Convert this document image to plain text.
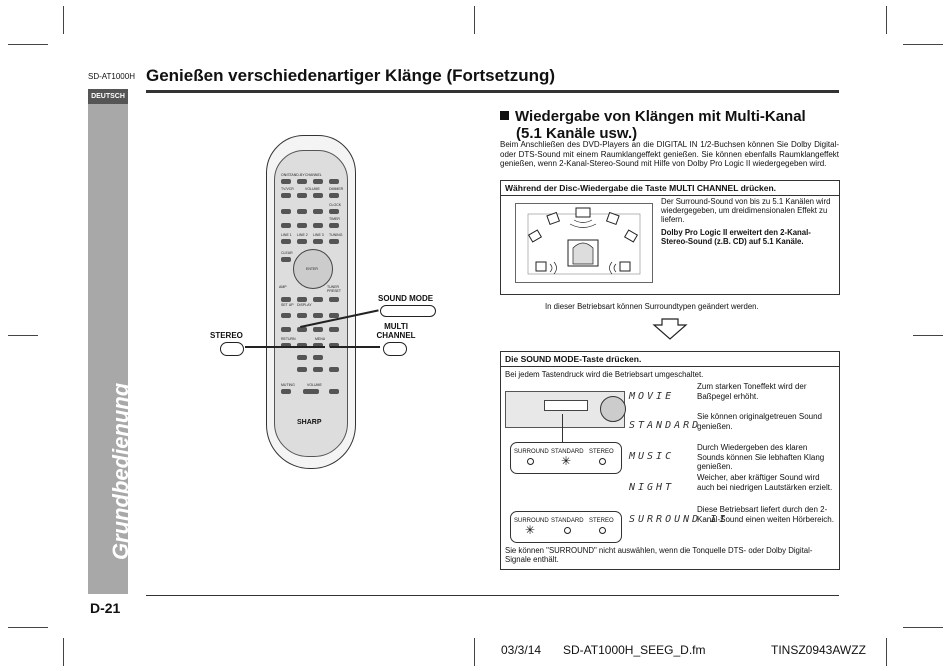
SD-AT1000H Genießen verschiedenartiger Klänge (Fortsetzung)
DEUTSCH
Grundbedienung - Genießen verschiedenartiger Klänge -
D-21
ON/STAND-BY CHANNEL
TV/VCR	VOLUME	DIMMER
CLOCK
TIMER
LINE 1 LINE 2 LINE 3 TUNING
CLEAR
ENTER
AMP	TUNER PRESET
SET UP DISPLAY
RETURN	MENU
MUTING	VOLUME
SHARP
STEREO
SOUND MODE
MULTI CHANNEL
Wiedergabe von Klängen mit Multi-Kanal
(5.1 Kanäle usw.)
Beim Anschließen des DVD-Players an die DIGITAL IN 1/2-Buchsen können Sie Dolby Digital- oder DTS-Sound mit einem Raumklangeffekt genießen. Sie können ebenfalls Raumklangeffekt genießen, wenn 2-Kanal-Stereo-Sound mit Hilfe von Dolby Pro Logic II wiedergegeben wird.
Während der Disc-Wiedergabe die Taste MULTI CHANNEL drücken.
Der Surround-Sound von bis zu 5.1 Kanälen wird wiedergegeben, um dreidimensionalen Effekt zu liefern.
Dolby Pro Logic II erweitert den 2-Kanal-Stereo-Sound (z.B. CD) auf 5.1 Kanäle.
In dieser Betriebsart können Surroundtypen geändert werden.
Die SOUND MODE-Taste drücken.
Bei jedem Tastendruck wird die Betriebsart umgeschaltet.
SURROUND STANDARD STEREO
✳
SURROUND STANDARD STEREO
✳
MOVIE
Zum starken Toneffekt wird der Baßpegel erhöht.
STANDARD
Sie können originalgetreuen Sound genießen.
MUSIC
Durch Wiedergeben des klaren Sounds können Sie lebhaften Klang genießen.
NIGHT
Weicher, aber kräftiger Sound wird auch bei niedrigen Lautstärken erzielt.
SURROUND II
Diese Betriebsart liefert durch den 2-Kanal-Sound einen weiten Hörbereich.
Sie können "SURROUND" nicht auswählen, wenn die Tonquelle DTS- oder Dolby Digital-Signale enthält.
03/3/14 SD-AT1000H_SEEG_D.fm	TINSZ0943AWZZ
